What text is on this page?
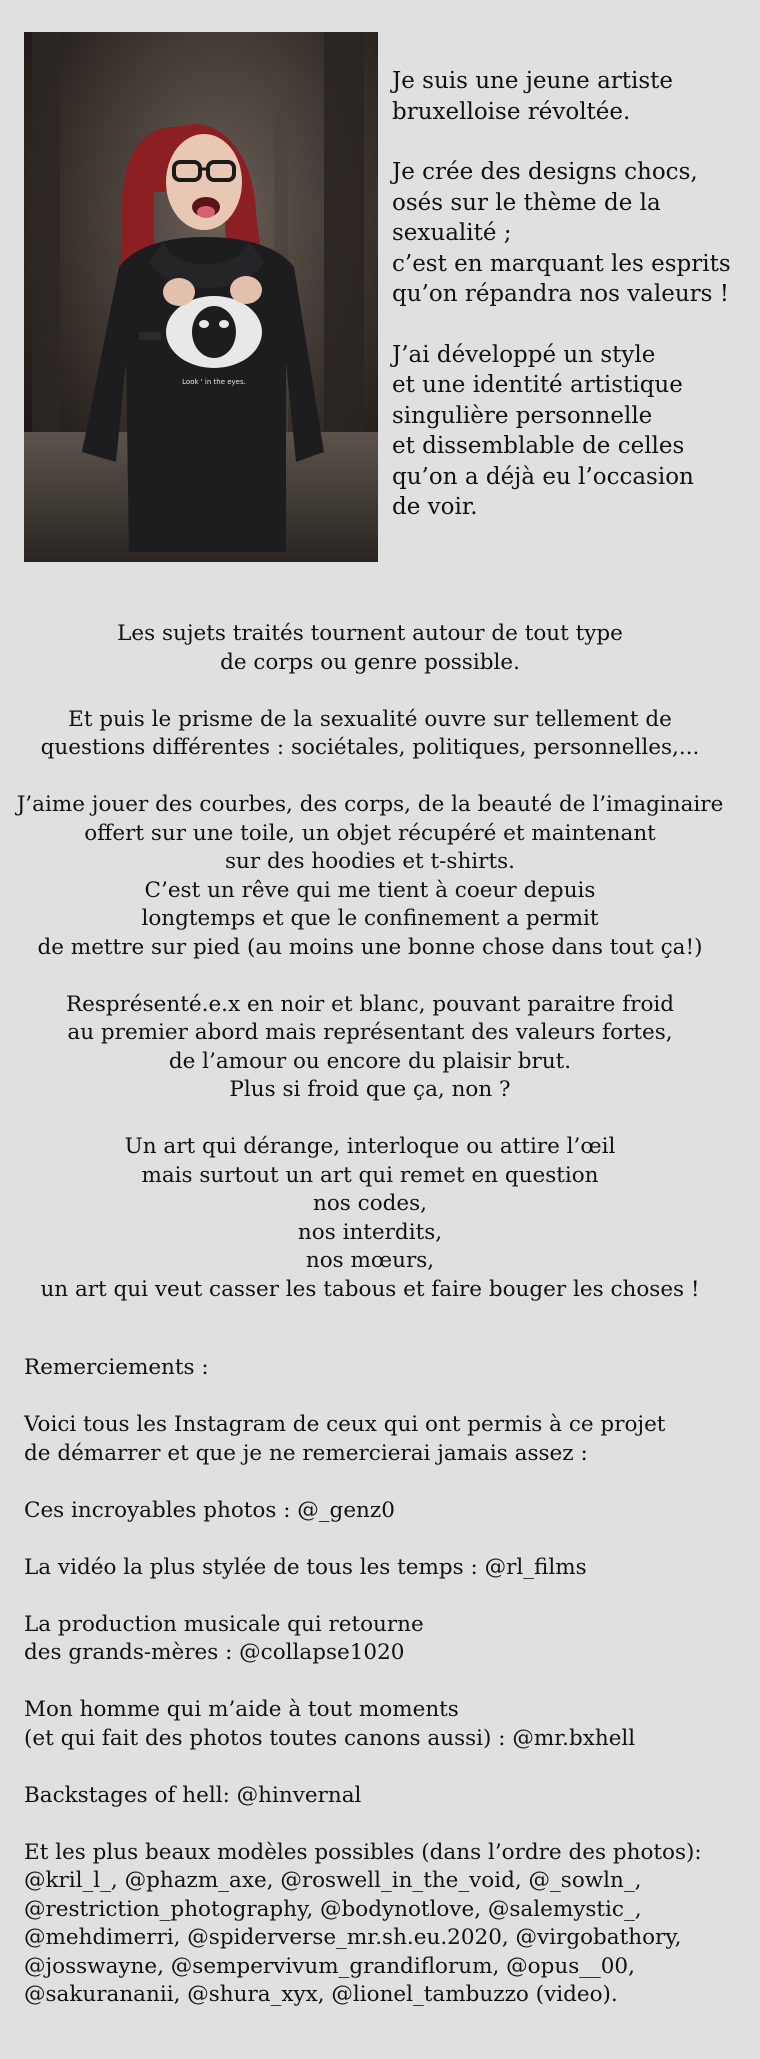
Look ' in the eyes.

Je suis une jeune artiste
bruxelloise révoltée.

Je crée des designs chocs,
osés sur le thème de la
sexualité ;
c’est en marquant les esprits
qu’on répandra nos valeurs !

J’ai développé un style
et une identité artistique
singulière personnelle
et dissemblable de celles
qu’on a déjà eu l’occasion
de voir.

Les sujets traités tournent autour de tout type
de corps ou genre possible.

Et puis le prisme de la sexualité ouvre sur tellement de
questions différentes : sociétales, politiques, personnelles,...

J’aime jouer des courbes, des corps, de la beauté de l’imaginaire
offert sur une toile, un objet récupéré et maintenant
sur des hoodies et t-shirts.
C’est un rêve qui me tient à coeur depuis
longtemps et que le confinement a permit
de mettre sur pied (au moins une bonne chose dans tout ça!)

Resprésenté.e.x en noir et blanc, pouvant paraitre froid
au premier abord mais représentant des valeurs fortes,
de l’amour ou encore du plaisir brut.
Plus si froid que ça, non ?

Un art qui dérange, interloque ou attire l’œil
mais surtout un art qui remet en question
nos codes,
nos interdits,
nos mœurs,
un art qui veut casser les tabous et faire bouger les choses !

Remerciements :

Voici tous les Instagram de ceux qui ont permis à ce projet
de démarrer et que je ne remercierai jamais assez :

Ces incroyables photos : @_genz0

La vidéo la plus stylée de tous les temps : @rl_films

La production musicale qui retourne
des grands-mères : @collapse1020

Mon homme qui m’aide à tout moments
(et qui fait des photos toutes canons aussi) : @mr.bxhell

Backstages of hell: @hinvernal

Et les plus beaux modèles possibles (dans l’ordre des photos):
@kril_l_, @phazm_axe, @roswell_in_the_void, @_sowln_,
@restriction_photography, @bodynotlove, @salemystic_,
@mehdimerri, @spiderverse_mr.sh.eu.2020, @virgobathory,
@josswayne, @sempervivum_grandiflorum, @opus__00,
@sakurananii, @shura_xyx, @lionel_tambuzzo (video).
